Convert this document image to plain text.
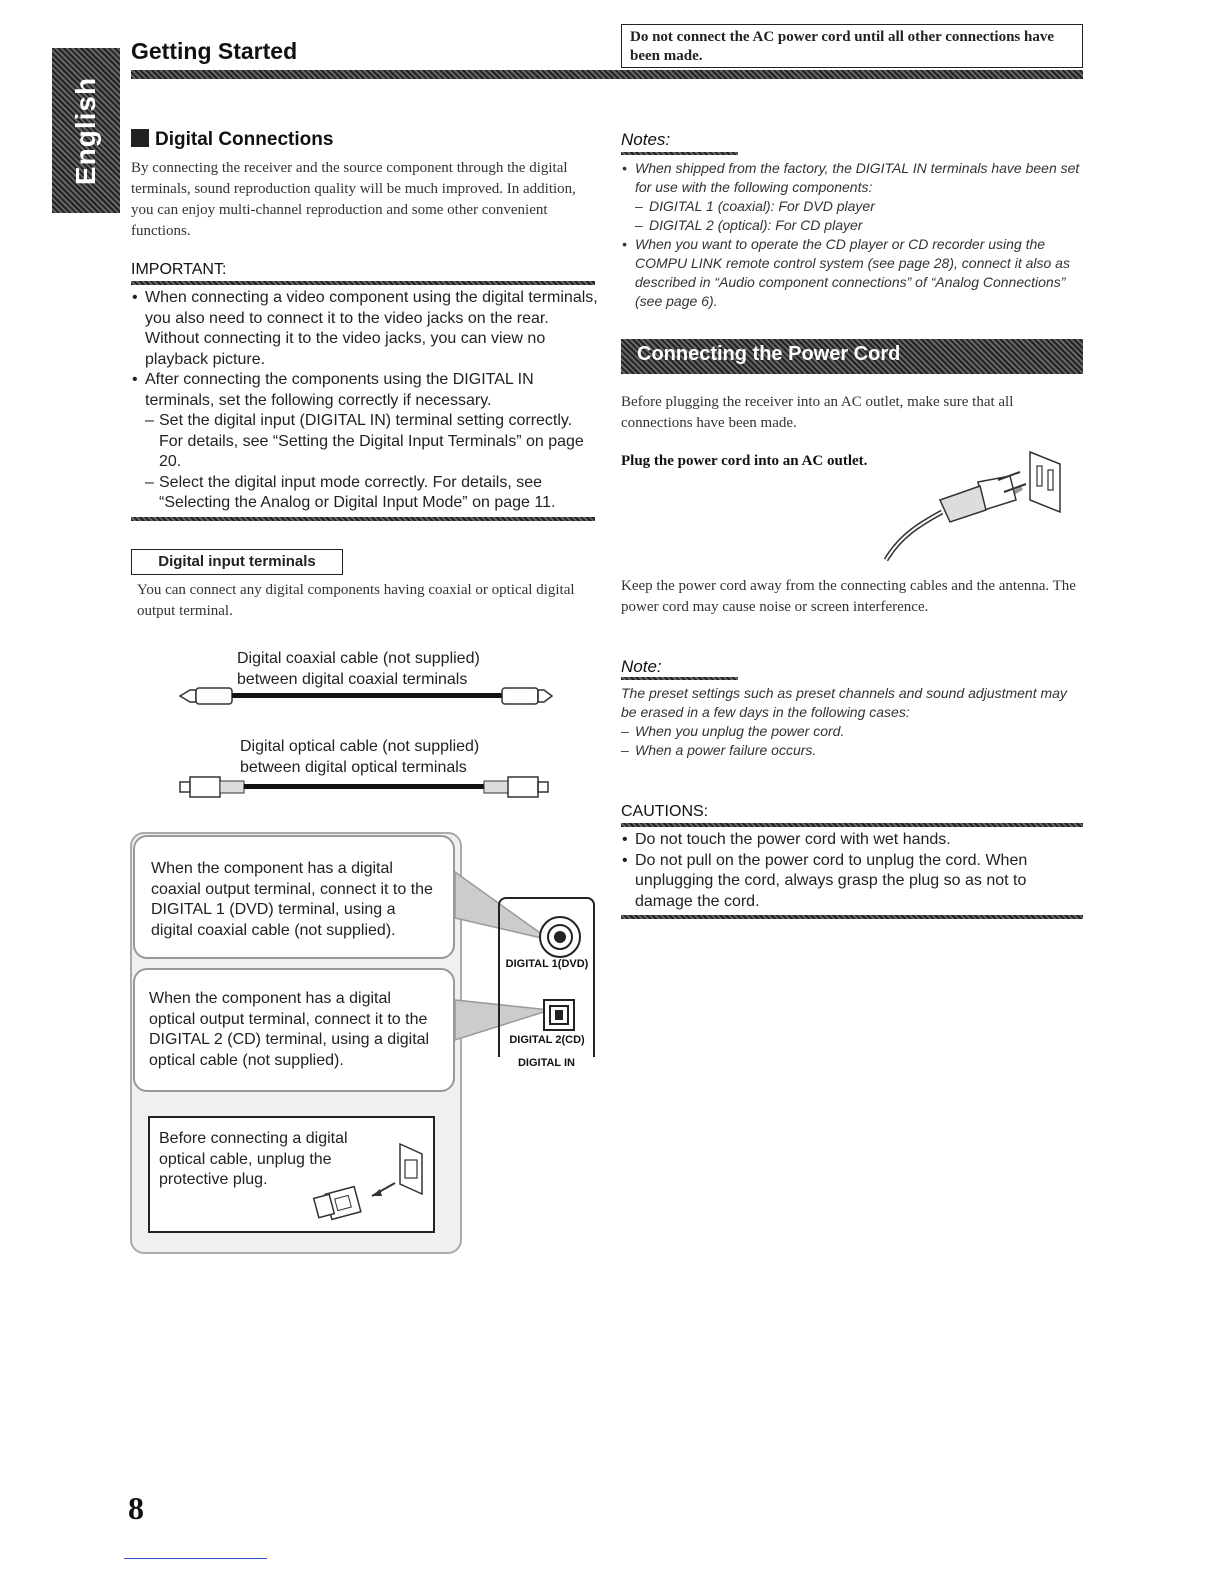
English
Getting Started
Do not connect the AC power cord until all other connections have been made.
Digital Connections
By connecting the receiver and the source component through the digital terminals, sound reproduction quality will be much improved. In addition, you can enjoy multi-channel reproduction and some other convenient functions.
IMPORTANT:
• When connecting a video component using the digital terminals, you also need to connect it to the video jacks on the rear. Without connecting it to the video jacks, you can view no playback picture.
• After connecting the components using the DIGITAL IN terminals, set the following correctly if necessary.
– Set the digital input (DIGITAL IN) terminal setting correctly. For details, see “Setting the Digital Input Terminals” on page 20.
– Select the digital input mode correctly. For details, see “Selecting the Analog or Digital Input Mode” on page 11.
Digital input terminals
You can connect any digital components having coaxial or optical digital output terminal.
Digital coaxial cable (not supplied)
between digital coaxial terminals
Digital optical cable (not supplied)
between digital optical terminals
When the component has a digital coaxial output terminal, connect it to the DIGITAL 1 (DVD) terminal, using a digital coaxial cable (not supplied).
When the component has a digital optical output terminal, connect it to the DIGITAL 2 (CD) terminal, using a digital optical cable (not supplied).
Before connecting a digital optical cable, unplug the protective plug.
DIGITAL 1(DVD)
DIGITAL 2(CD)
DIGITAL IN
Notes:
• When shipped from the factory, the DIGITAL IN terminals have been set for use with the following components:
– DIGITAL 1 (coaxial): For DVD player
– DIGITAL 2 (optical): For CD player
• When you want to operate the CD player or CD recorder using the COMPU LINK remote control system (see page 28), connect it also as described in “Audio component connections” of “Analog Connections” (see page 6).
Connecting the Power Cord
Before plugging the receiver into an AC outlet, make sure that all connections have been made.
Plug the power cord into an AC outlet.
Keep the power cord away from the connecting cables and the antenna. The power cord may cause noise or screen interference.
Note:
The preset settings such as preset channels and sound adjustment may be erased in a few days in the following cases:
– When you unplug the power cord.
– When a power failure occurs.
CAUTIONS:
• Do not touch the power cord with wet hands.
• Do not pull on the power cord to unplug the cord. When unplugging the cord, always grasp the plug so as not to damage the cord.
8
